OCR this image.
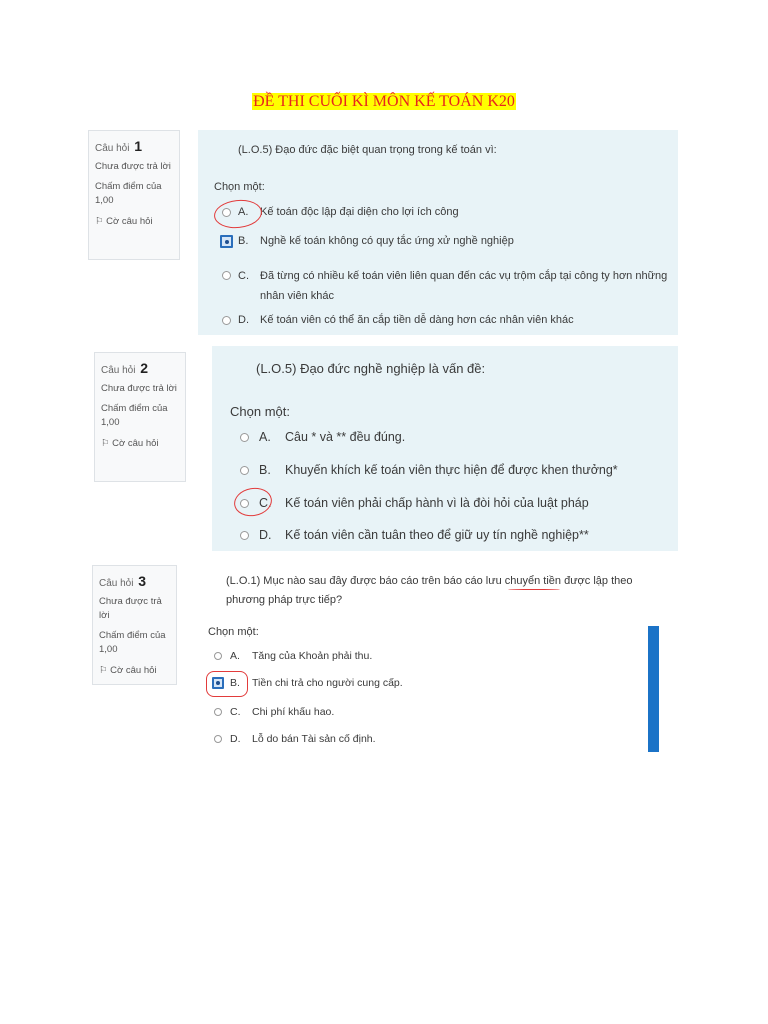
ĐỀ THI CUỐI KÌ MÔN KẾ TOÁN K20
Câu hỏi 1
Chưa được trả lời
Chấm điểm của 1,00
⚐ Cờ câu hỏi
(L.O.5) Đạo đức đặc biệt quan trọng trong kế toán vì:
Chọn một:
A.	Kế toán độc lập đại diện cho lợi ích công
B.	Nghề kế toán không có quy tắc ứng xử nghề nghiệp
C.	Đã từng có nhiều kế toán viên liên quan đến các vụ trộm cắp tại công ty hơn những nhân viên khác
D.	Kế toán viên có thể ăn cắp tiền dễ dàng hơn các nhân viên khác
Câu hỏi 2
Chưa được trả lời
Chấm điểm của 1,00
⚐ Cờ câu hỏi
(L.O.5) Đạo đức nghề nghiệp là vấn đề:
Chọn một:
A.	Câu * và ** đều đúng.
B.	Khuyến khích kế toán viên thực hiện để được khen thưởng*
C.	Kế toán viên phải chấp hành vì là đòi hỏi của luật pháp
D.	Kế toán viên cần tuân theo để giữ uy tín nghề nghiệp**
Câu hỏi 3
Chưa được trả lời
Chấm điểm của 1,00
⚐ Cờ câu hỏi
(L.O.1) Mục nào sau đây được báo cáo trên báo cáo lưu chuyển tiền được lập theo phương pháp trực tiếp?
Chọn một:
A.	Tăng của Khoản phải thu.
B.	Tiền chi trả cho người cung cấp.
C.	Chi phí khấu hao.
D.	Lỗ do bán Tài sản cố định.
